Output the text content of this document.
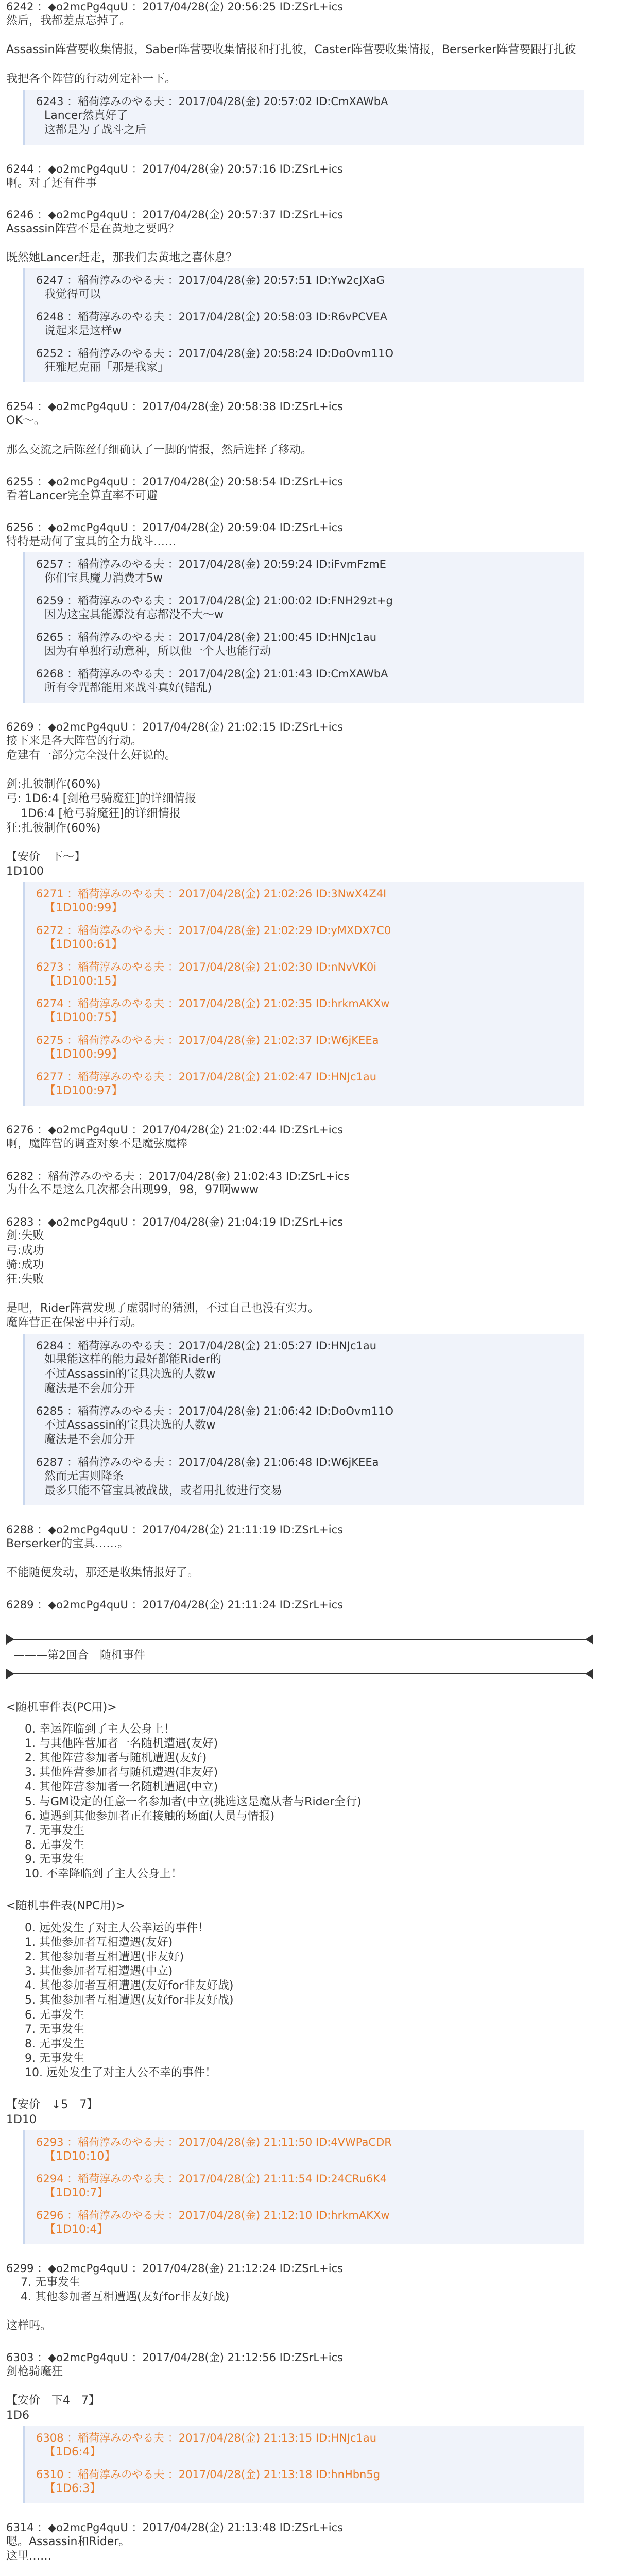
6242 ：◆o2mcPg4quU ：2017/04/28(金) 20:56:25 ID:ZSrL+ics
然后，我都差点忘掉了。

Assassin阵营要收集情报，Saber阵营要收集情报和打扎彼，Caster阵营要收集情报，Berserker阵营要跟打扎彼

我把各个阵营的行动列定补一下。
6243 ：稲荷淳みのやる夫 ：2017/04/28(金) 20:57:02 ID:CmXAWbA
Lancer然真好了
这都是为了战斗之后
6244 ：◆o2mcPg4quU ：2017/04/28(金) 20:57:16 ID:ZSrL+ics
啊。对了还有件事
6246 ：◆o2mcPg4quU ：2017/04/28(金) 20:57:37 ID:ZSrL+ics
Assassin阵营不是在黄地之要吗？

既然她Lancer赶走，那我们去黄地之喜休息？
6247 ：稲荷淳みのやる夫 ：2017/04/28(金) 20:57:51 ID:Yw2cJXaG
我觉得可以
6248 ：稲荷淳みのやる夫 ：2017/04/28(金) 20:58:03 ID:R6vPCVEA
说起来是这样w
6252 ：稲荷淳みのやる夫 ：2017/04/28(金) 20:58:24 ID:DoOvm11O
狂雅尼克丽「那是我家」
6254 ：◆o2mcPg4quU ：2017/04/28(金) 20:58:38 ID:ZSrL+ics
OK～。

那么交流之后陈丝仔细确认了一脚的情报，然后选择了移动。
6255 ：◆o2mcPg4quU ：2017/04/28(金) 20:58:54 ID:ZSrL+ics
看着Lancer完全算直率不可避
6256 ：◆o2mcPg4quU ：2017/04/28(金) 20:59:04 ID:ZSrL+ics
特特是动何了宝具的全力战斗……
6257 ：稲荷淳みのやる夫 ：2017/04/28(金) 20:59:24 ID:iFvmFzmE
你们宝具魔力消费才5w
6259 ：稲荷淳みのやる夫 ：2017/04/28(金) 21:00:02 ID:FNH29zt+g
因为这宝具能源没有忘都没不大～w
6265 ：稲荷淳みのやる夫 ：2017/04/28(金) 21:00:45 ID:HNJc1au
因为有单独行动意种，所以他一个人也能行动
6268 ：稲荷淳みのやる夫 ：2017/04/28(金) 21:01:43 ID:CmXAWbA
所有令咒都能用来战斗真好(错乱)
6269 ：◆o2mcPg4quU ：2017/04/28(金) 21:02:15 ID:ZSrL+ics
接下来是各大阵营的行动。
危建有一部分完全没什么好说的。

剑:扎彼制作(60%)
弓: 1D6:4 [剑枪弓骑魔狂]的详细情报
1D6:4 [枪弓骑魔狂]的详细情报
狂:扎彼制作(60%)

【安价　下～】
1D100
6271 ：稲荷淳みのやる夫 ：2017/04/28(金) 21:02:26 ID:3NwX4Z4I
【1D100:99】
6272 ：稲荷淳みのやる夫 ：2017/04/28(金) 21:02:29 ID:yMXDX7C0
【1D100:61】
6273 ：稲荷淳みのやる夫 ：2017/04/28(金) 21:02:30 ID:nNvVK0i
【1D100:15】
6274 ：稲荷淳みのやる夫 ：2017/04/28(金) 21:02:35 ID:hrkmAKXw
【1D100:75】
6275 ：稲荷淳みのやる夫 ：2017/04/28(金) 21:02:37 ID:W6jKEEa
【1D100:99】
6277 ：稲荷淳みのやる夫 ：2017/04/28(金) 21:02:47 ID:HNJc1au
【1D100:97】
6276 ：◆o2mcPg4quU ：2017/04/28(金) 21:02:44 ID:ZSrL+ics
啊，魔阵营的调查对象不是魔弦魔棒
6282 ：稲荷淳みのやる夫 ：2017/04/28(金) 21:02:43 ID:ZSrL+ics
为什么不是这么几次都会出现99，98，97啊www
6283 ：◆o2mcPg4quU ：2017/04/28(金) 21:04:19 ID:ZSrL+ics
剑:失败
弓:成功
骑:成功
狂:失败

是吧，Rider阵营发现了虚弱时的猜测，不过自己也没有实力。
魔阵营正在保密中并行动。
6284 ：稲荷淳みのやる夫 ：2017/04/28(金) 21:05:27 ID:HNJc1au
如果能这样的能力最好都能Rider的
不过Assassin的宝具决选的人数w
魔法是不会加分开
6285 ：稲荷淳みのやる夫 ：2017/04/28(金) 21:06:42 ID:DoOvm11O
不过Assassin的宝具决选的人数w
魔法是不会加分开
6287 ：稲荷淳みのやる夫 ：2017/04/28(金) 21:06:48 ID:W6jKEEa
然而无害则降条
最多只能不管宝具被战战，或者用扎彼进行交易
6288 ：◆o2mcPg4quU ：2017/04/28(金) 21:11:19 ID:ZSrL+ics
Berserker的宝具……。

不能随便发动，那还是收集情报好了。
6289 ：◆o2mcPg4quU ：2017/04/28(金) 21:11:24 ID:ZSrL+ics
———第2回合　随机事件
<随机事件表(PC用)>
0. 幸运阵临到了主人公身上！
1. 与其他阵营加者一名随机遭遇(友好)
2. 其他阵营参加者与随机遭遇(友好)
3. 其他阵营参加者与随机遭遇(非友好)
4. 其他阵营参加者一名随机遭遇(中立)
5. 与GM设定的任意一名参加者(中立(挑选这是魔从者与Rider全行)
6. 遭遇到其他参加者正在接触的场面(人员与情报)
7. 无事发生
8. 无事发生
9. 无事发生
10. 不幸降临到了主人公身上！
<随机事件表(NPC用)>
0. 远处发生了对主人公幸运的事件！
1. 其他参加者互相遭遇(友好)
2. 其他参加者互相遭遇(非友好)
3. 其他参加者互相遭遇(中立)
4. 其他参加者互相遭遇(友好for非友好战)
5. 其他参加者互相遭遇(友好for非友好战)
6. 无事发生
7. 无事发生
8. 无事发生
9. 无事发生
10. 远处发生了对主人公不幸的事件！
【安价　↓5　7】
1D10
6293 ：稲荷淳みのやる夫 ：2017/04/28(金) 21:11:50 ID:4VWPaCDR
【1D10:10】
6294 ：稲荷淳みのやる夫 ：2017/04/28(金) 21:11:54 ID:24CRu6K4
【1D10:7】
6296 ：稲荷淳みのやる夫 ：2017/04/28(金) 21:12:10 ID:hrkmAKXw
【1D10:4】
6299 ：◆o2mcPg4quU ：2017/04/28(金) 21:12:24 ID:ZSrL+ics
7. 无事发生
4. 其他参加者互相遭遇(友好for非友好战)

这样吗。
6303 ：◆o2mcPg4quU ：2017/04/28(金) 21:12:56 ID:ZSrL+ics
剑枪骑魔狂

【安价　下4　7】
1D6
6308 ：稲荷淳みのやる夫 ：2017/04/28(金) 21:13:15 ID:HNJc1au
【1D6:4】
6310 ：稲荷淳みのやる夫 ：2017/04/28(金) 21:13:18 ID:hnHbn5g
【1D6:3】
6314 ：◆o2mcPg4quU ：2017/04/28(金) 21:13:48 ID:ZSrL+ics
嗯。Assassin和Rider。
这里……
